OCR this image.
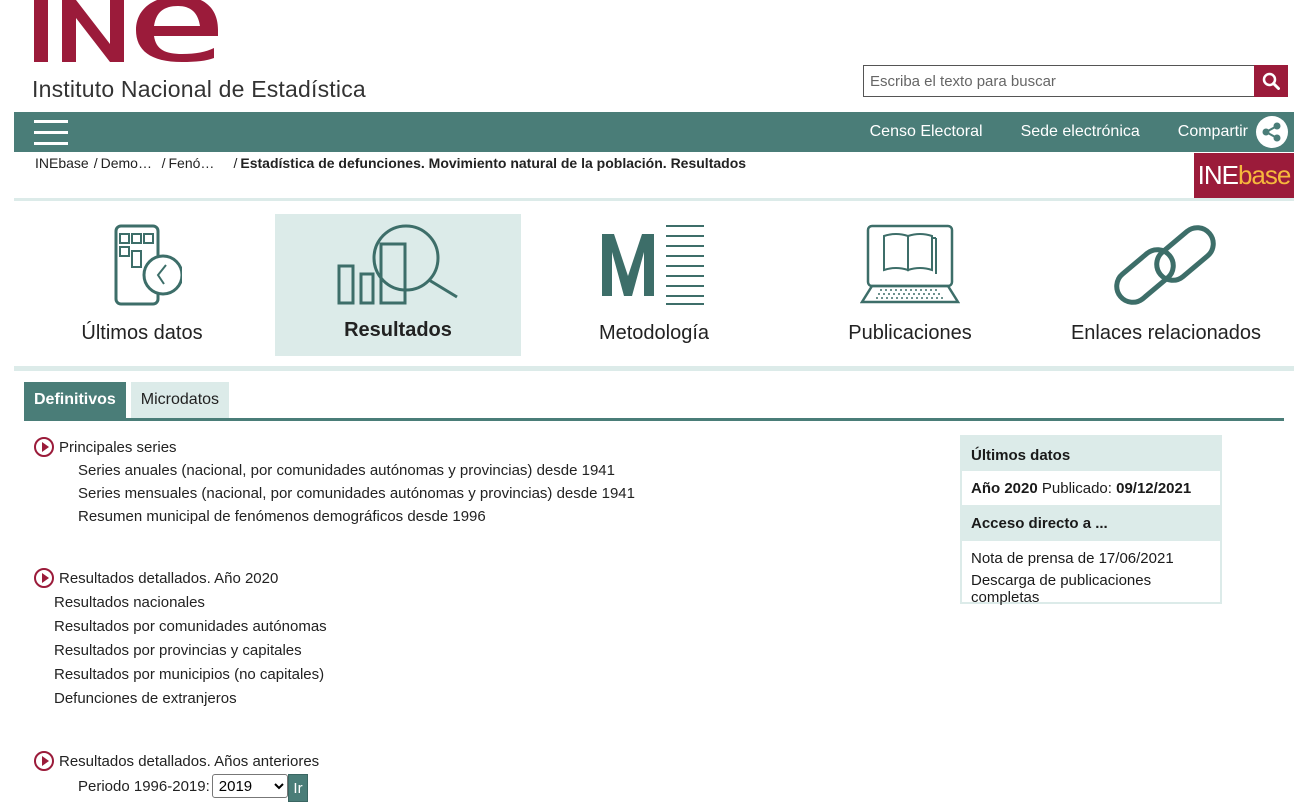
Instituto Nacional de Estadística
Escriba el texto para buscar
Censo Electoral Sede electrónica Compartir
INEbase / Demo… / Fenó… / Estadística de defunciones. Movimiento natural de la población. Resultados	INE base
Últimos datos	Resultados	Metodología	Publicaciones	Enlaces relacionados
Definitivos	Microdatos
Principales series
Series anuales (nacional, por comunidades autónomas y provincias) desde 1941
Series mensuales (nacional, por comunidades autónomas y provincias) desde 1941
Resumen municipal de fenómenos demográficos desde 1996
Resultados detallados. Año 2020
Resultados nacionales
Resultados por comunidades autónomas
Resultados por provincias y capitales
Resultados por municipios (no capitales)
Defunciones de extranjeros
Resultados detallados. Años anteriores
Periodo 1996-2019:
2019	Ir
Últimos datos
Año 2020 Publicado: 09/12/2021
Acceso directo a ...
Nota de prensa de 17/06/2021
Descarga de publicaciones completas
